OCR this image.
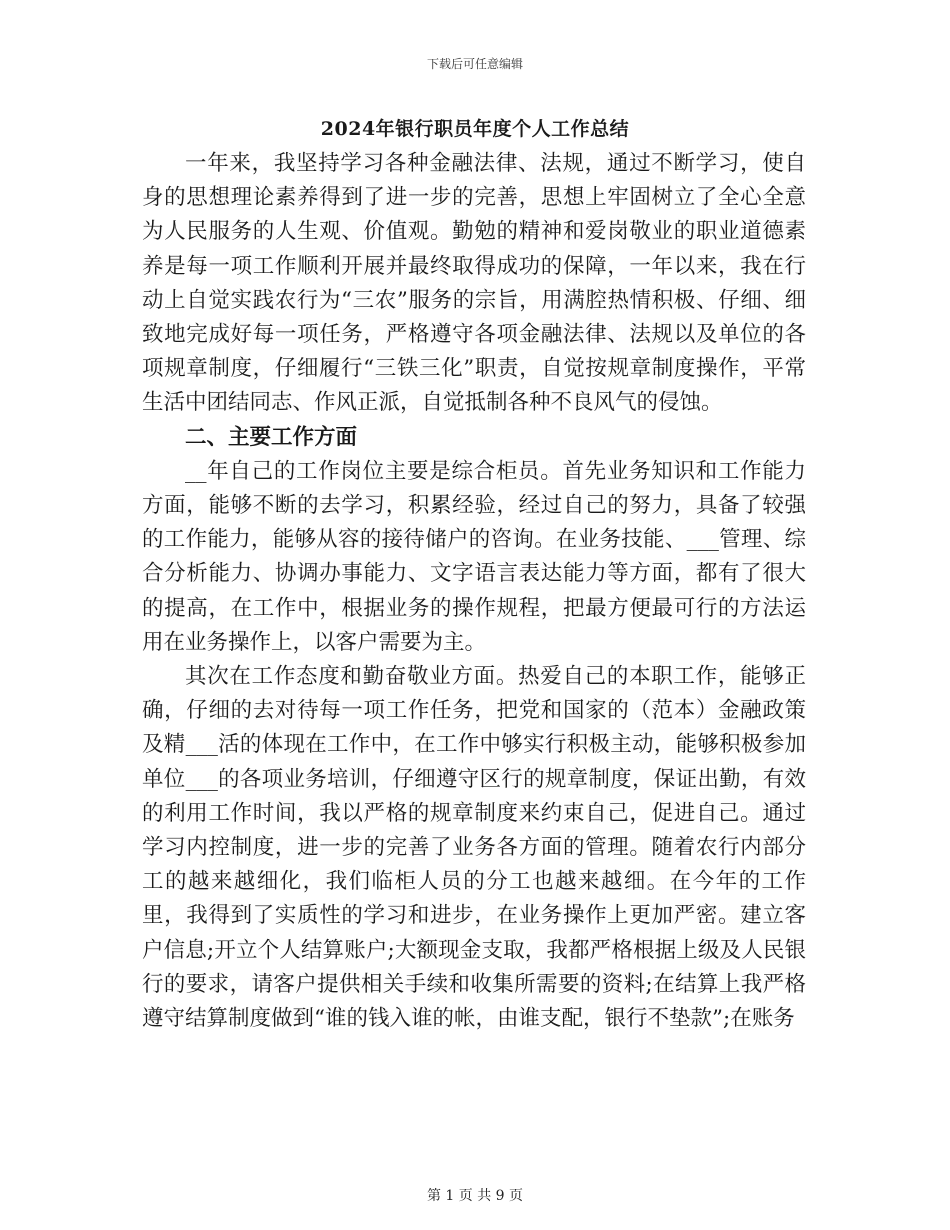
下载后可任意编辑
2024年银行职员年度个人工作总结

一年来，我坚持学习各种金融法律、法规，通过不断学习，使自身的思想理论素养得到了进一步的完善，思想上牢固树立了全心全意为人民服务的人生观、价值观。勤勉的精神和爱岗敬业的职业道德素养是每一项工作顺利开展并最终取得成功的保障，一年以来，我在行动上自觉实践农行为“三农”服务的宗旨，用满腔热情积极、仔细、细致地完成好每一项任务，严格遵守各项金融法律、法规以及单位的各项规章制度，仔细履行“三铁三化”职责，自觉按规章制度操作，平常生活中团结同志、作风正派，自觉抵制各种不良风气的侵蚀。

二、主要工作方面

__年自己的工作岗位主要是综合柜员。首先业务知识和工作能力方面，能够不断的去学习，积累经验，经过自己的努力，具备了较强的工作能力，能够从容的接待储户的咨询。在业务技能、___管理、综合分析能力、协调办事能力、文字语言表达能力等方面，都有了很大的提高，在工作中，根据业务的操作规程，把最方便最可行的方法运用在业务操作上，以客户需要为主。

其次在工作态度和勤奋敬业方面。热爱自己的本职工作，能够正确，仔细的去对待每一项工作任务，把党和国家的（范本）金融政策及精___活的体现在工作中，在工作中够实行积极主动，能够积极参加单位___的各项业务培训，仔细遵守区行的规章制度，保证出勤，有效的利用工作时间，我以严格的规章制度来约束自己，促进自己。通过学习内控制度，进一步的完善了业务各方面的管理。随着农行内部分工的越来越细化，我们临柜人员的分工也越来越细。在今年的工作里，我得到了实质性的学习和进步，在业务操作上更加严密。建立客户信息;开立个人结算账户;大额现金支取，我都严格根据上级及人民银行的要求，请客户提供相关手续和收集所需要的资料;在结算上我严格遵守结算制度做到“谁的钱入谁的帐，由谁支配，银行不垫款”;在账务

第 1 页 共 9 页
